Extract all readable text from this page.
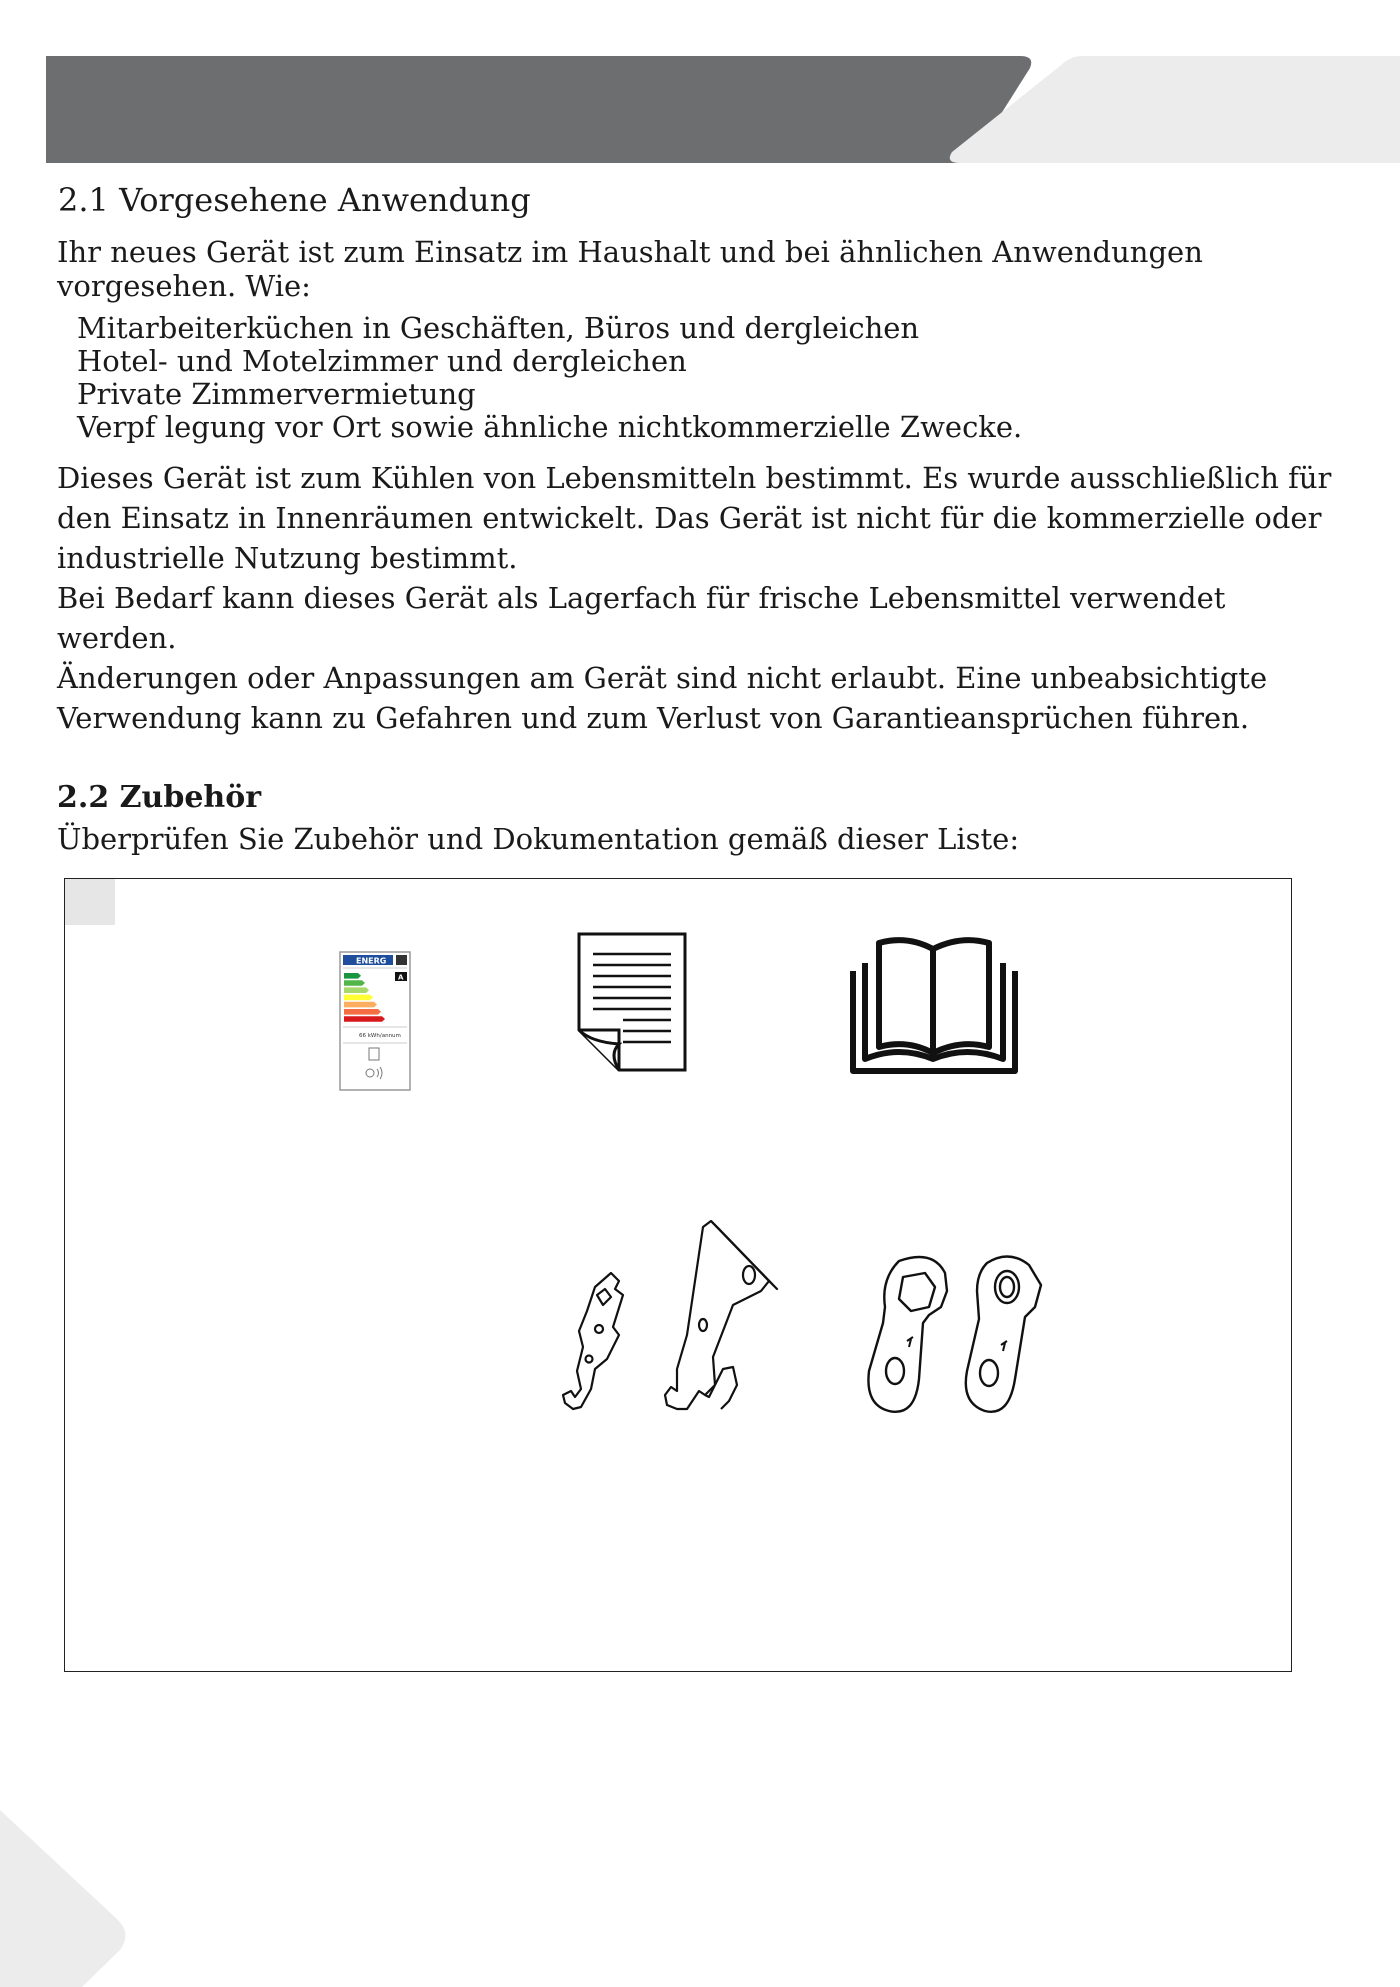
2.1 Vorgesehene Anwendung
Ihr neues Gerät ist zum Einsatz im Haushalt und bei ähnlichen Anwendungen
vorgesehen. Wie:
Mitarbeiterküchen in Geschäften, Büros und dergleichen
Hotel- und Motelzimmer und dergleichen
Private Zimmervermietung
Verpf legung vor Ort sowie ähnliche nichtkommerzielle Zwecke.
Dieses Gerät ist zum Kühlen von Lebensmitteln bestimmt. Es wurde ausschließlich für
den Einsatz in Innenräumen entwickelt. Das Gerät ist nicht für die kommerzielle oder
industrielle Nutzung bestimmt.
Bei Bedarf kann dieses Gerät als Lagerfach für frische Lebensmittel verwendet
werden.
Änderungen oder Anpassungen am Gerät sind nicht erlaubt. Eine unbeabsichtigte
Verwendung kann zu Gefahren und zum Verlust von Garantieansprüchen führen.
2.2 Zubehör
Überprüfen Sie Zubehör und Dokumentation gemäß dieser Liste:
ENERG
A
66 kWh/annum
